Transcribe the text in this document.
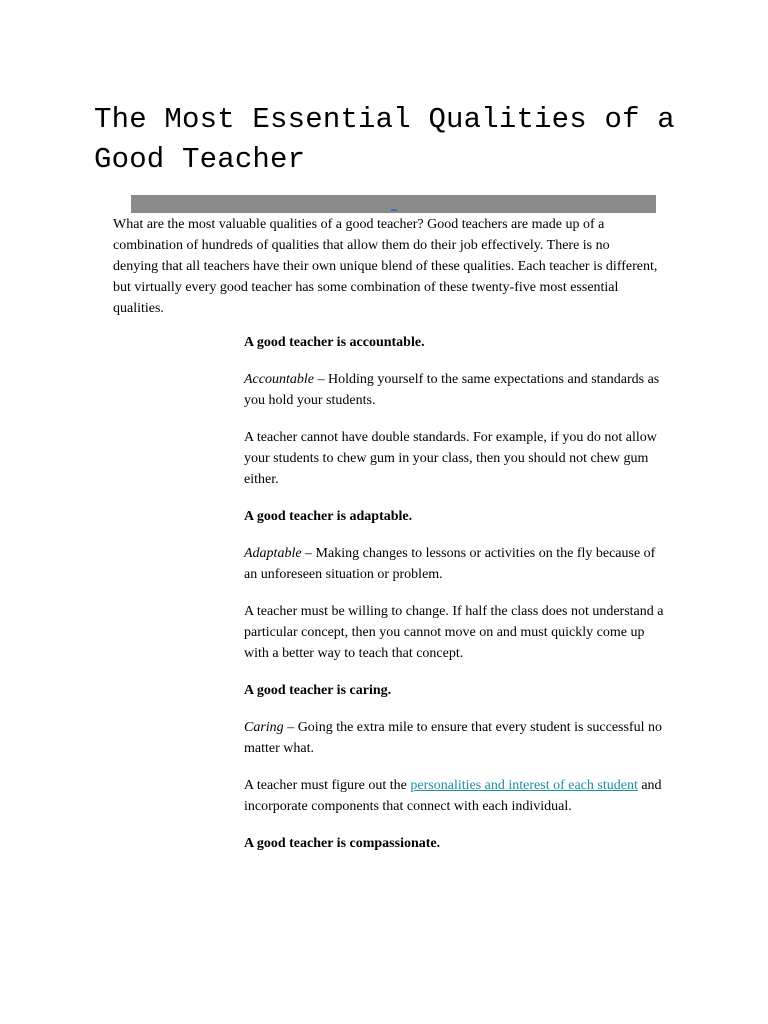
The Most Essential Qualities of a Good Teacher

What are the most valuable qualities of a good teacher? Good teachers are made up of a combination of hundreds of qualities that allow them do their job effectively. There is no denying that all teachers have their own unique blend of these qualities. Each teacher is different, but virtually every good teacher has some combination of these twenty-five most essential qualities.

A good teacher is accountable.

Accountable – Holding yourself to the same expectations and standards as you hold your students.

A teacher cannot have double standards. For example, if you do not allow your students to chew gum in your class, then you should not chew gum either.

A good teacher is adaptable.

Adaptable – Making changes to lessons or activities on the fly because of an unforeseen situation or problem.

A teacher must be willing to change. If half the class does not understand a particular concept, then you cannot move on and must quickly come up with a better way to teach that concept.

A good teacher is caring.

Caring – Going the extra mile to ensure that every student is successful no matter what.

A teacher must figure out the personalities and interest of each student and incorporate components that connect with each individual.

A good teacher is compassionate.
